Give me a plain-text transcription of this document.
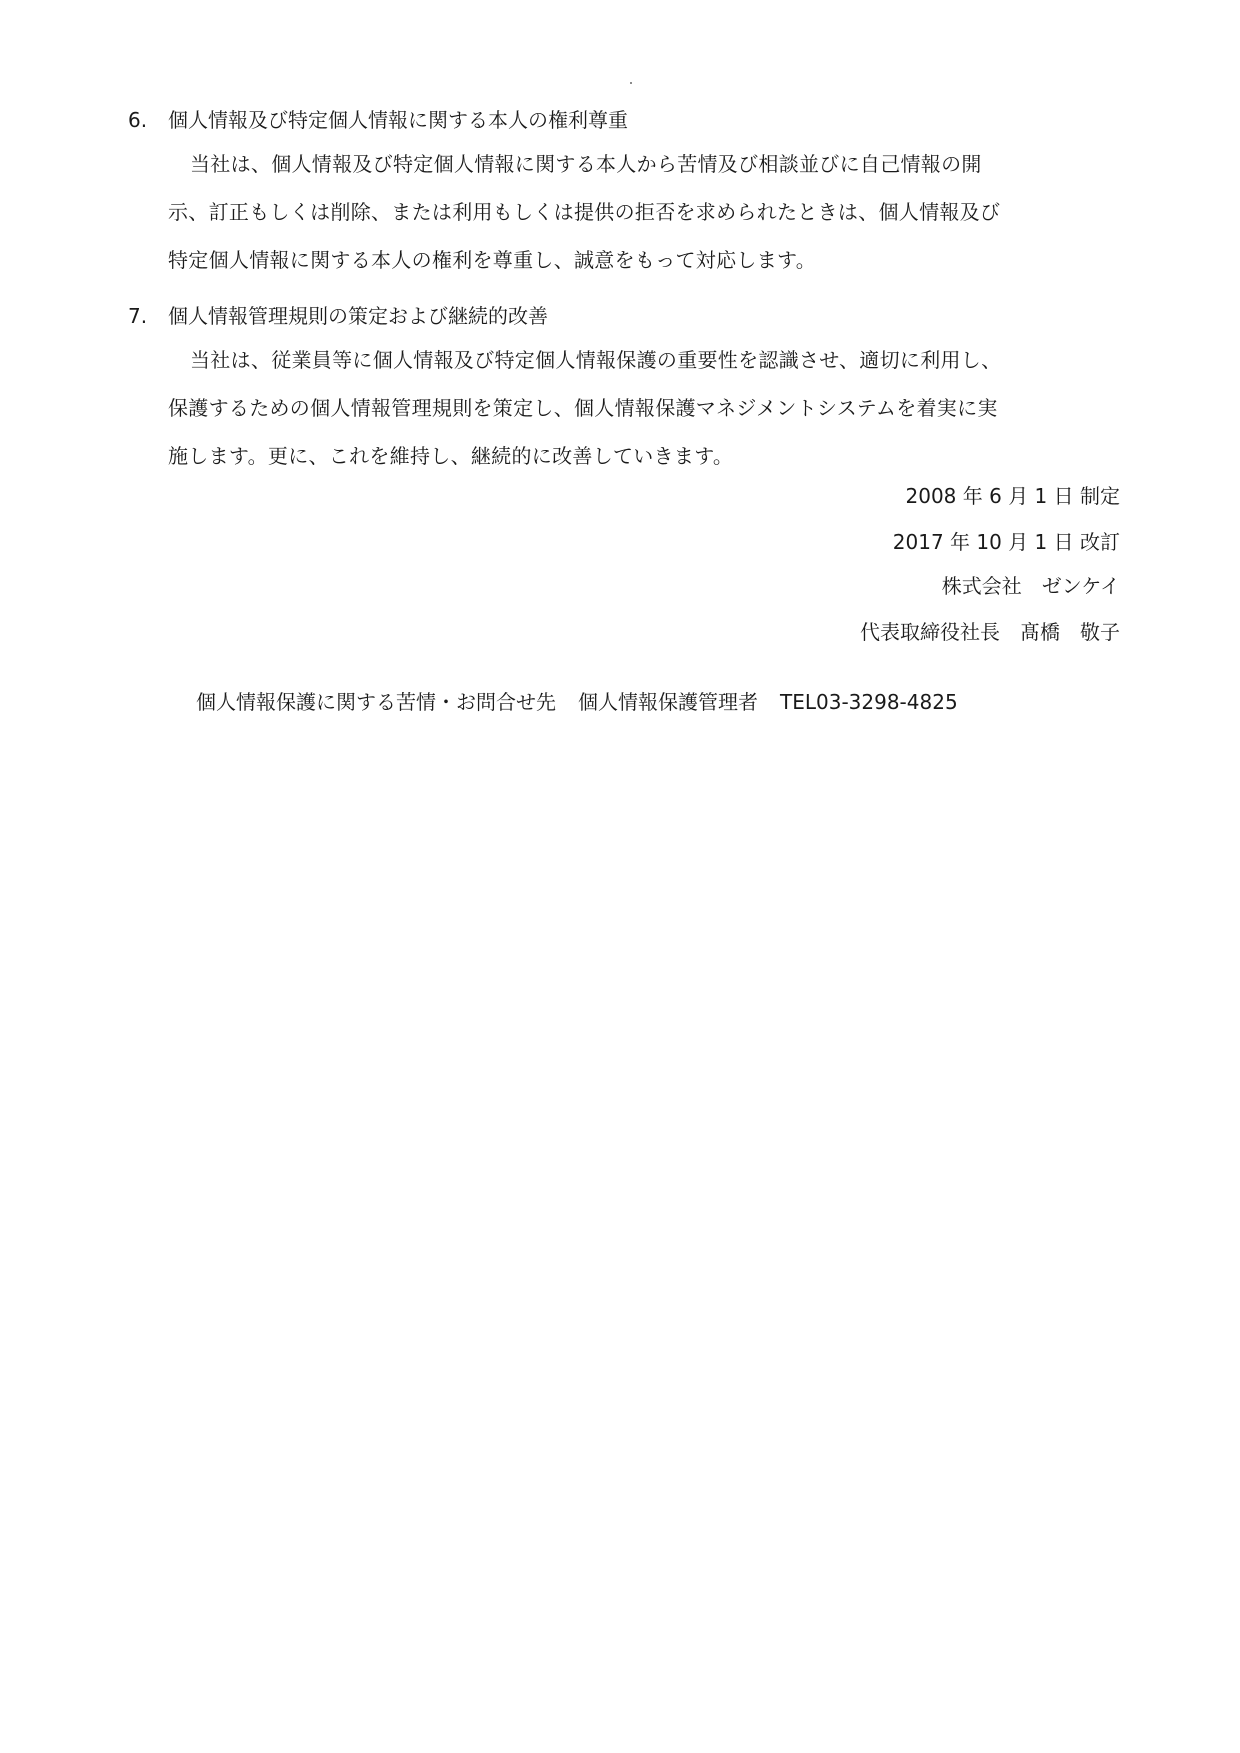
6. 個人情報及び特定個人情報に関する本人の権利尊重
当社は、個人情報及び特定個人情報に関する本人から苦情及び相談並びに自己情報の開
示、訂正もしくは削除、または利用もしくは提供の拒否を求められたときは、個人情報及び
特定個人情報に関する本人の権利を尊重し、誠意をもって対応します。
7. 個人情報管理規則の策定および継続的改善
当社は、従業員等に個人情報及び特定個人情報保護の重要性を認識させ、適切に利用し、
保護するための個人情報管理規則を策定し、個人情報保護マネジメントシステムを着実に実
施します。更に、これを維持し、継続的に改善していきます。
2008 年 6 月 1 日 制定
2017 年 10 月 1 日 改訂
株式会社　ゼンケイ
代表取締役社長　髙橋　敬子
個人情報保護に関する苦情・お問合せ先 個人情報保護管理者 TEL03-3298-4825
